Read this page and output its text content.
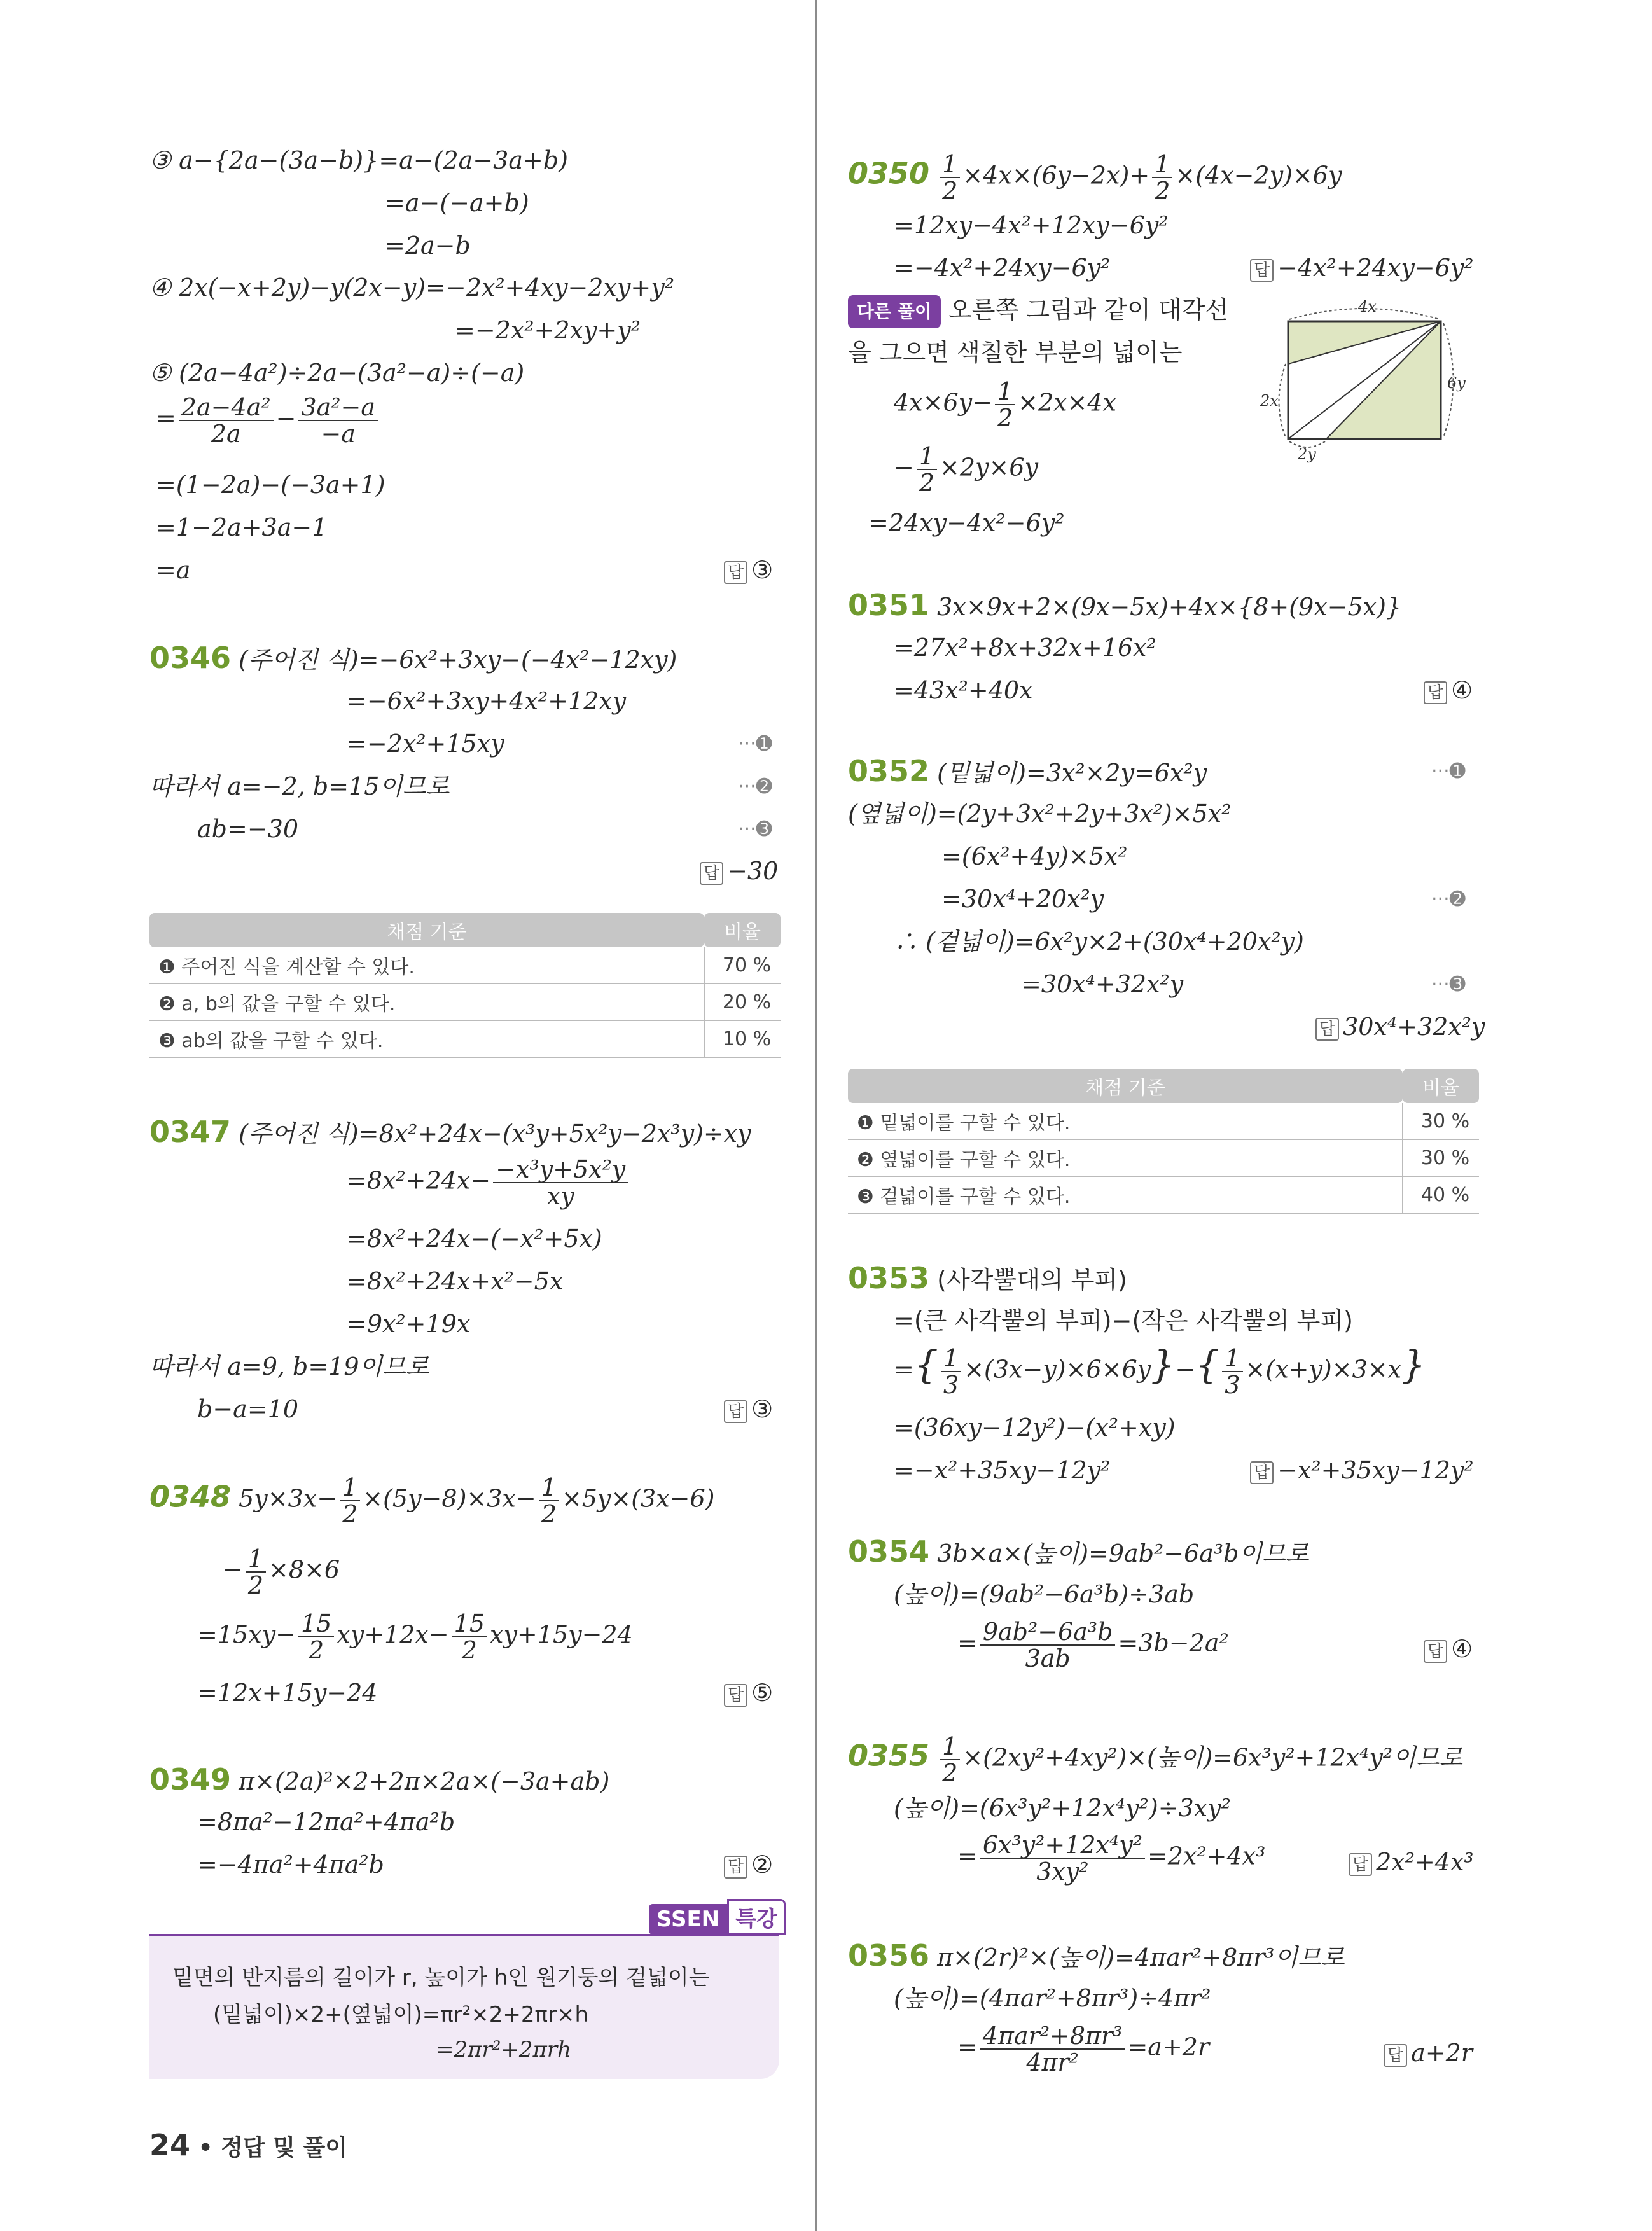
③ a−{2a−(3a−b)}=a−(2a−3a+b)
=a−(−a+b)
=2a−b
④ 2x(−x+2y)−y(2x−y)=−2x²+4xy−2xy+y²
=−2x²+2xy+y²
⑤ (2a−4a²)÷2a−(3a²−a)÷(−a)
= $\frac{\text{2a−4a²}}{2a} - \frac{\text{3a²−a}}{-a}$
=(1−2a)−(−3a+1)
=1−2a+3a−1
=a	답 ③
0346 (주어진 식)=−6x²+3xy−(−4x²−12xy)
=−6x²+3xy+4x²+12xy
=−2x²+15xy	···➊
따라서 a=−2, b=15이므로	···➋
ab=−30	···➌
답 −30
채점 기준	비율
❶ 주어진 식을 계산할 수 있다.	70 %
❷ a, b의 값을 구할 수 있다.	20 %
❸ ab의 값을 구할 수 있다.	10 %
0347 (주어진 식)=8x²+24x−(x³y+5x²y−2x³y)÷xy
$=8x^2+24x- \frac{\text{−x³y+5x²y}}{xy}$
=8x²+24x−(−x²+5x)
=8x²+24x+x²−5x
=9x²+19x
따라서 a=9, b=19이므로
b−a=10	답 ③
0348 $5y\times 3x- \frac{1}{2} \times(5y-8)\times 3x- \frac{1}{2} \times 5y\times(3x-6)$
− $\frac{1}{2} \times 8\times 6$
$=15xy- \frac{15}{2} xy+12x- \frac{15}{2} xy+15y-24$
=12x+15y−24	답 ⑤
0349 π×(2a)²×2+2π×2a×(−3a+ab)
=8πa²−12πa²+4πa²b
=−4πa²+4πa²b	답 ②
SSEN 특강
밑면의 반지름의 길이가 r, 높이가 h인 원기둥의 겉넓이는
(밑넓이)×2+(옆넓이)=πr²×2+2πr×h
=2πr²+2πrh
24 • 정답 및 풀이
$0350 \frac{1}{2} \times 4x\times(6y-2x)+ \frac{1}{2} \times(4x-2y)\times 6y$
=12xy−4x²+12xy−6y²
=−4x²+24xy−6y²	답 −4x²+24xy−6y²
다른 풀이 오른쪽 그림과 같이 대각선
을 그으면 색칠한 부분의 넓이는
$4x\times 6y- \frac{1}{2} \times 2x\times 4x$
− $\frac{1}{2} \times 2y\times 6y$
=24xy−4x²−6y²
4x
2x
6y
2y
0351 3x×9x+2×(9x−5x)+4x×{8+(9x−5x)}
=27x²+8x+32x+16x²
=43x²+40x	답 ④
0352 (밑넓이)=3x²×2y=6x²y	···➊
(옆넓이)=(2y+3x²+2y+3x²)×5x²
=(6x²+4y)×5x²
=30x⁴+20x²y	···➋
∴ (겉넓이)=6x²y×2+(30x⁴+20x²y)
=30x⁴+32x²y	···➌
답 30x⁴+32x²y
채점 기준	비율
❶ 밑넓이를 구할 수 있다.	30 %
❷ 옆넓이를 구할 수 있다.	30 %
❸ 겉넓이를 구할 수 있다.	40 %
0353 (사각뿔대의 부피)
=(큰 사각뿔의 부피)−(작은 사각뿔의 부피)
={ $\frac{1}{3} \times(3x-y)\times 6\times 6y\}-\{ \frac{1}{3} \times(x+y)\times 3\times x\}$
=(36xy−12y²)−(x²+xy)
=−x²+35xy−12y²	답 −x²+35xy−12y²
0354 3b×a×(높이)=9ab²−6a³b이므로
(높이)=(9ab²−6a³b)÷3ab
= $\frac{\text{9ab²−6a³b}}{3ab} =3b-2a^2$	답 ④
$0355 \frac{1}{2} \times(2xy^2+4xy^2)\times$(높이)=6x³y²+12x⁴y²이므로
(높이)=(6x³y²+12x⁴y²)÷3xy²
= $\frac{\text{6x³y²+12x⁴y²}}{\text{3xy²}} =2x^2+4x^3$	답 2x²+4x³
0356 π×(2r)²×(높이)=4πar²+8πr³이므로
(높이)=(4πar²+8πr³)÷4πr²
= $\frac{\text{4πar²+8πr³}}{\text{4πr²}} =a+2r$	답 a+2r
